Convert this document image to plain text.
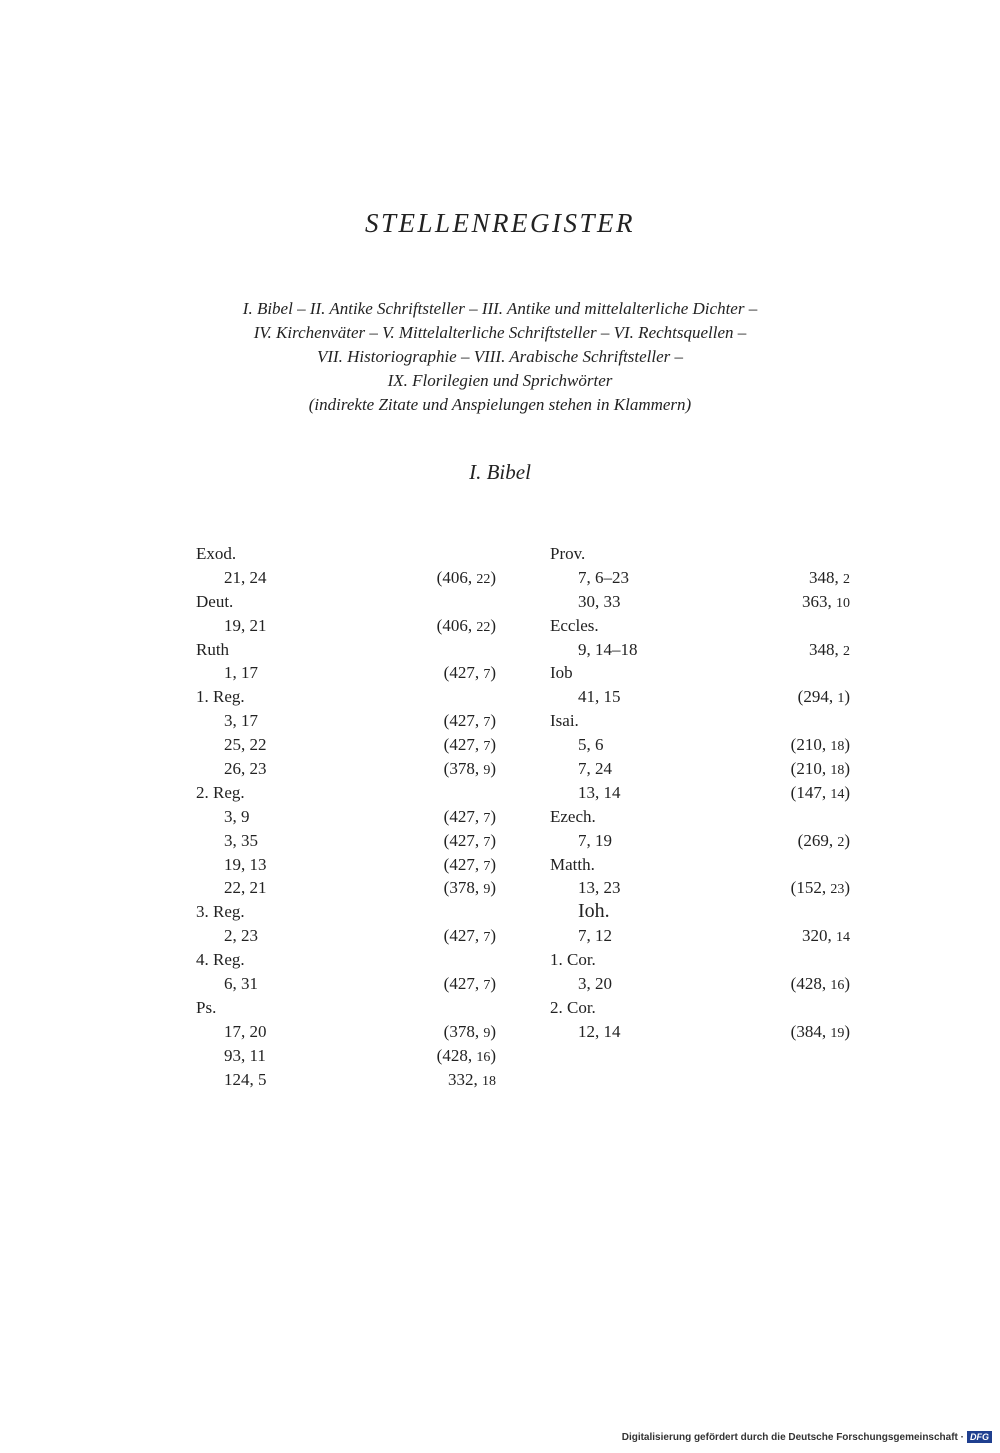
STELLENREGISTER
I. Bibel – II. Antike Schriftsteller – III. Antike und mittelalterliche Dichter –
IV. Kirchenväter – V. Mittelalterliche Schriftsteller – VI. Rechtsquellen –
VII. Historiographie – VIII. Arabische Schriftsteller –
IX. Florilegien und Sprichwörter
(indirekte Zitate und Anspielungen stehen in Klammern)
I. Bibel
Exod.
21, 24	(406, 22)
Deut.
19, 21	(406, 22)
Ruth
1, 17	(427, 7)
1. Reg.
3, 17	(427, 7)
25, 22	(427, 7)
26, 23	(378, 9)
2. Reg.
3, 9	(427, 7)
3, 35	(427, 7)
19, 13	(427, 7)
22, 21	(378, 9)
3. Reg.
2, 23	(427, 7)
4. Reg.
6, 31	(427, 7)
Ps.
17, 20	(378, 9)
93, 11	(428, 16)
124, 5	332, 18
Prov.
7, 6–23	348, 2
30, 33	363, 10
Eccles.
9, 14–18	348, 2
Iob
41, 15	(294, 1)
Isai.
5, 6	(210, 18)
7, 24	(210, 18)
13, 14	(147, 14)
Ezech.
7, 19	(269, 2)
Matth.
13, 23	(152, 23)
Ioh.
7, 12	320, 14
1. Cor.
3, 20	(428, 16)
2. Cor.
12, 14	(384, 19)
Digitalisierung gefördert durch die Deutsche Forschungsgemeinschaft · DFG
